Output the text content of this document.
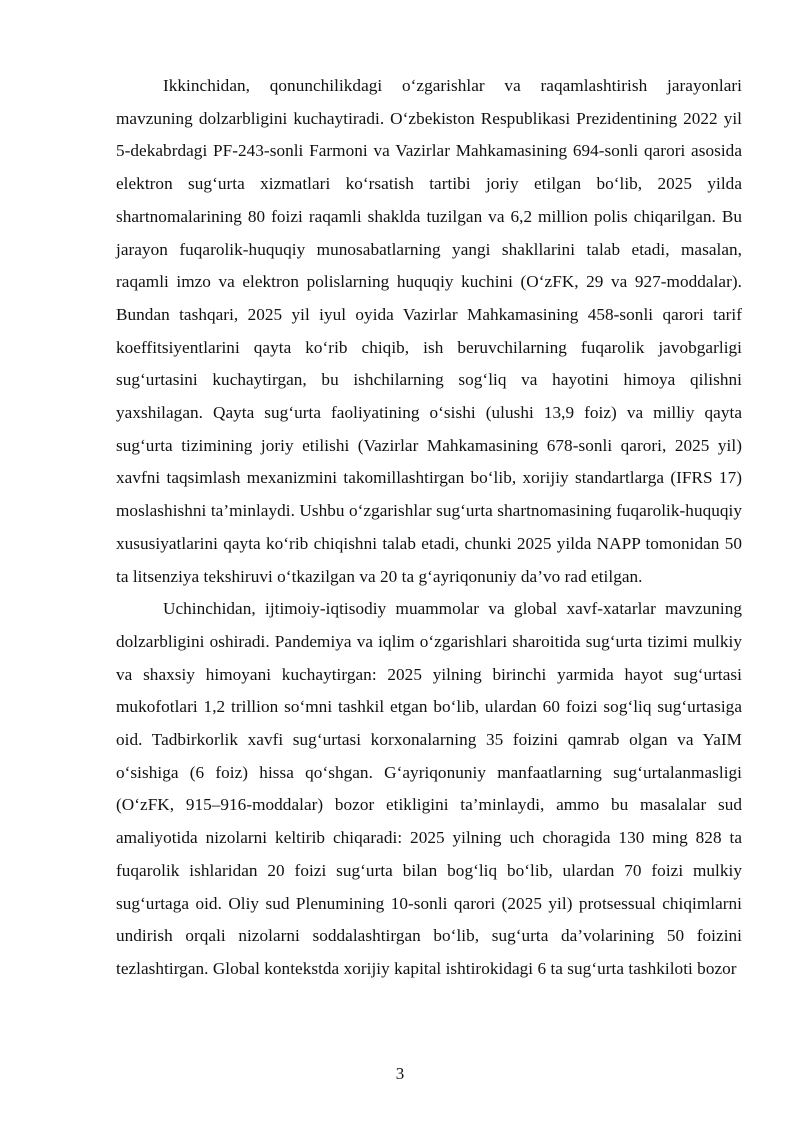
Ikkinchidan, qonunchilikdagi o‘zgarishlar va raqamlashtirish jarayonlari mavzuning dolzarbligini kuchaytiradi. O‘zbekiston Respublikasi Prezidentining 2022 yil 5-dekabrdagi PF-243-sonli Farmoni va Vazirlar Mahkamasining 694-sonli qarori asosida elektron sug‘urta xizmatlari ko‘rsatish tartibi joriy etilgan bo‘lib, 2025 yilda shartnomalarining 80 foizi raqamli shaklda tuzilgan va 6,2 million polis chiqarilgan. Bu jarayon fuqarolik-huquqiy munosabatlarning yangi shakllarini talab etadi, masalan, raqamli imzo va elektron polislarning huquqiy kuchini (O‘zFK, 29 va 927-moddalar). Bundan tashqari, 2025 yil iyul oyida Vazirlar Mahkamasining 458-sonli qarori tarif koeffitsiyentlarini qayta ko‘rib chiqib, ish beruvchilarning fuqarolik javobgarligi sug‘urtasini kuchaytirgan, bu ishchilarning sog‘liq va hayotini himoya qilishni yaxshilagan. Qayta sug‘urta faoliyatining o‘sishi (ulushi 13,9 foiz) va milliy qayta sug‘urta tizimining joriy etilishi (Vazirlar Mahkamasining 678-sonli qarori, 2025 yil) xavfni taqsimlash mexanizmini takomillashtirgan bo‘lib, xorijiy standartlarga (IFRS 17) moslashishni ta’minlaydi. Ushbu o‘zgarishlar sug‘urta shartnomasining fuqarolik-huquqiy xususiyatlarini qayta ko‘rib chiqishni talab etadi, chunki 2025 yilda NAPP tomonidan 50 ta litsenziya tekshiruvi o‘tkazilgan va 20 ta g‘ayriqonuniy da’vo rad etilgan.

Uchinchidan, ijtimoiy-iqtisodiy muammolar va global xavf-xatarlar mavzuning dolzarbligini oshiradi. Pandemiya va iqlim o‘zgarishlari sharoitida sug‘urta tizimi mulkiy va shaxsiy himoyani kuchaytirgan: 2025 yilning birinchi yarmida hayot sug‘urtasi mukofotlari 1,2 trillion so‘mni tashkil etgan bo‘lib, ulardan 60 foizi sog‘liq sug‘urtasiga oid. Tadbirkorlik xavfi sug‘urtasi korxonalarning 35 foizini qamrab olgan va YaIM o‘sishiga (6 foiz) hissa qo‘shgan. G‘ayriqonuniy manfaatlarning sug‘urtalanmasligi (O‘zFK, 915–916-moddalar) bozor etikligini ta’minlaydi, ammo bu masalalar sud amaliyotida nizolarni keltirib chiqaradi: 2025 yilning uch choragida 130 ming 828 ta fuqarolik ishlaridan 20 foizi sug‘urta bilan bog‘liq bo‘lib, ulardan 70 foizi mulkiy sug‘urtaga oid. Oliy sud Plenumining 10-sonli qarori (2025 yil) protsessual chiqimlarni undirish orqali nizolarni soddalashtirgan bo‘lib, sug‘urta da’volarining 50 foizini tezlashtirgan. Global kontekstda xorijiy kapital ishtirokidagi 6 ta sug‘urta tashkiloti bozor

3
